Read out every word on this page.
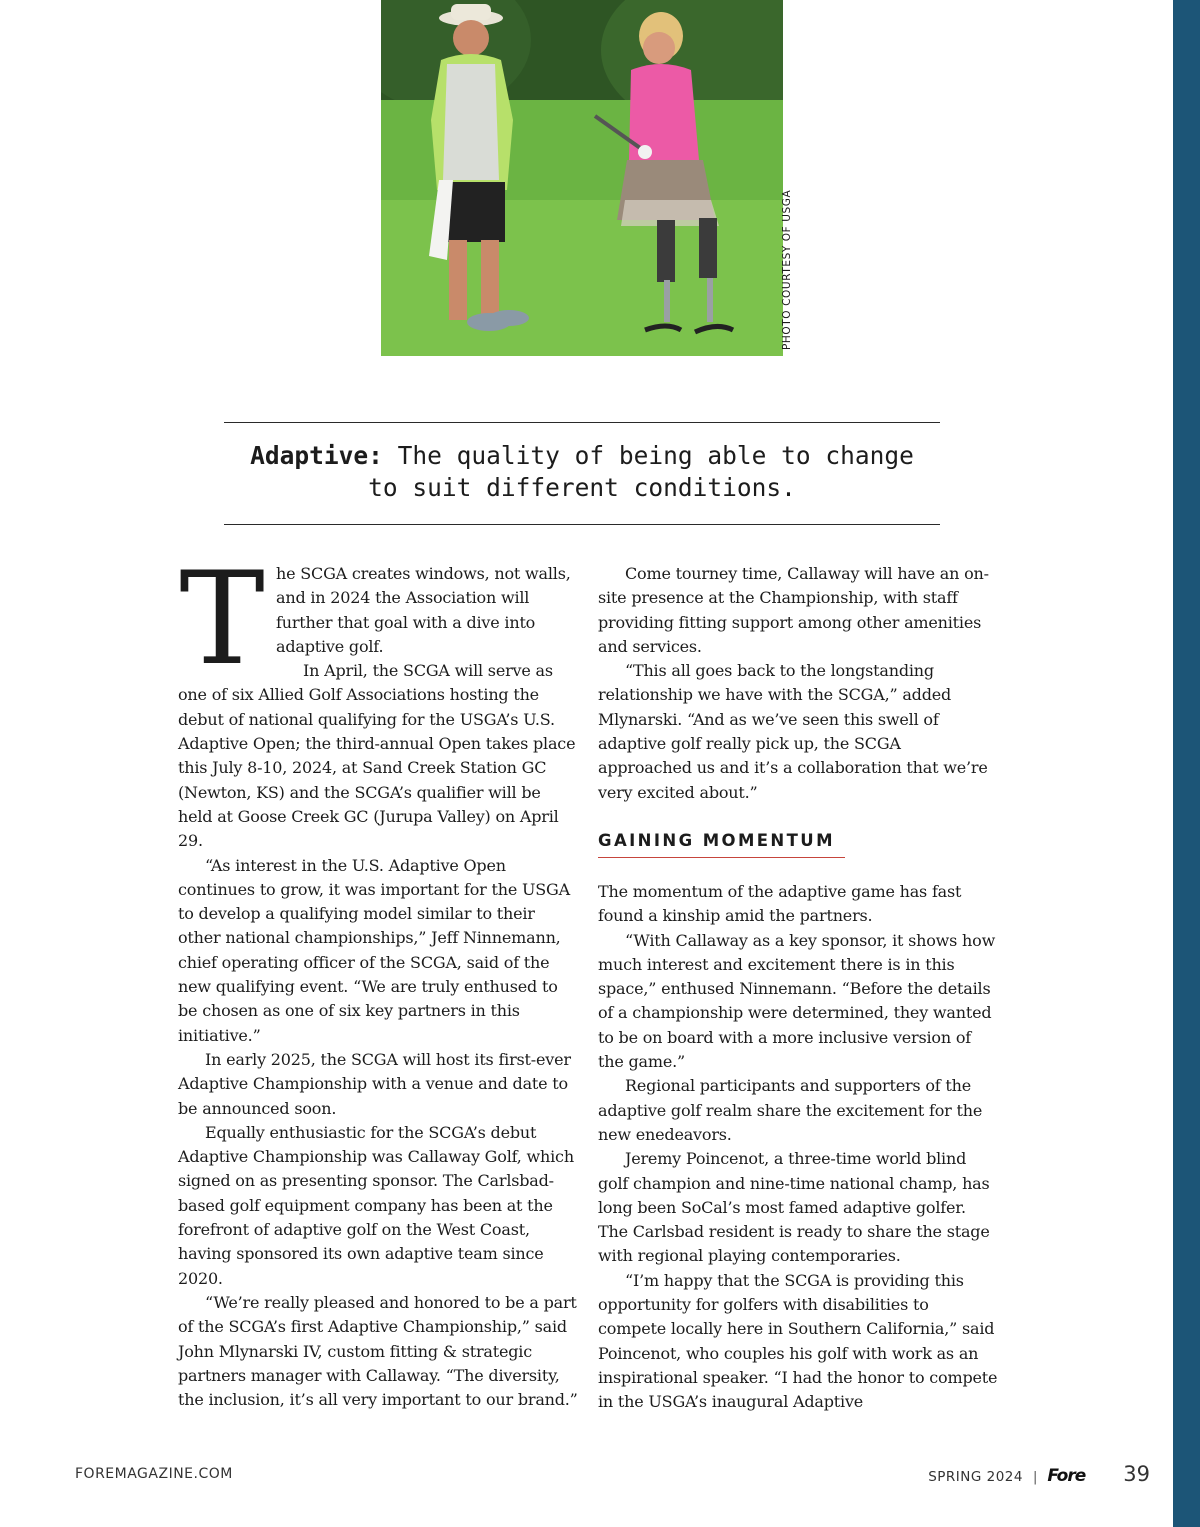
PHOTO COURTESY OF USGA
Adaptive: The quality of being able to change
to suit different conditions.

The SCGA creates windows, not walls, and in 2024 the Association will further that goal with a dive into adaptive golf.

In April, the SCGA will serve as one of six Allied Golf Associations hosting the debut of national qualifying for the USGA’s U.S. Adaptive Open; the third-annual Open takes place this July 8-10, 2024, at Sand Creek Station GC (Newton, KS) and the SCGA’s qualifier will be held at Goose Creek GC (Jurupa Valley) on April 29.

“As interest in the U.S. Adaptive Open continues to grow, it was important for the USGA to develop a qualifying model similar to their other national championships,” Jeff Ninnemann, chief operating officer of the SCGA, said of the new qualifying event. “We are truly enthused to be chosen as one of six key partners in this initiative.”

In early 2025, the SCGA will host its first-ever Adaptive Championship with a venue and date to be announced soon.

Equally enthusiastic for the SCGA’s debut Adaptive Championship was Callaway Golf, which signed on as presenting sponsor. The Carlsbad-based golf equipment company has been at the forefront of adaptive golf on the West Coast, having sponsored its own adaptive team since 2020.

“We’re really pleased and honored to be a part of the SCGA’s first Adaptive Championship,” said John Mlynarski IV, custom fitting & strategic partners manager with Callaway. “The diversity, the inclusion, it’s all very important to our brand.”

Come tourney time, Callaway will have an on-site presence at the Championship, with staff providing fitting support among other amenities and services.

“This all goes back to the longstanding relationship we have with the SCGA,” added Mlynarski. “And as we’ve seen this swell of adaptive golf really pick up, the SCGA approached us and it’s a collaboration that we’re very excited about.”

GAINING MOMENTUM

The momentum of the adaptive game has fast found a kinship amid the partners.

“With Callaway as a key sponsor, it shows how much interest and excitement there is in this space,” enthused Ninnemann. “Before the details of a championship were determined, they wanted to be on board with a more inclusive version of the game.”

Regional participants and supporters of the adaptive golf realm share the excitement for the new enedeavors.

Jeremy Poincenot, a three-time world blind golf champion and nine-time national champ, has long been SoCal’s most famed adaptive golfer. The Carlsbad resident is ready to share the stage with regional playing contemporaries.

“I’m happy that the SCGA is providing this opportunity for golfers with disabilities to compete locally here in Southern California,” said Poincenot, who couples his golf with work as an inspirational speaker. “I had the honor to compete in the USGA’s inaugural Adaptive

FOREMAGAZINE.COM	SPRING 2024 | Fore 39
